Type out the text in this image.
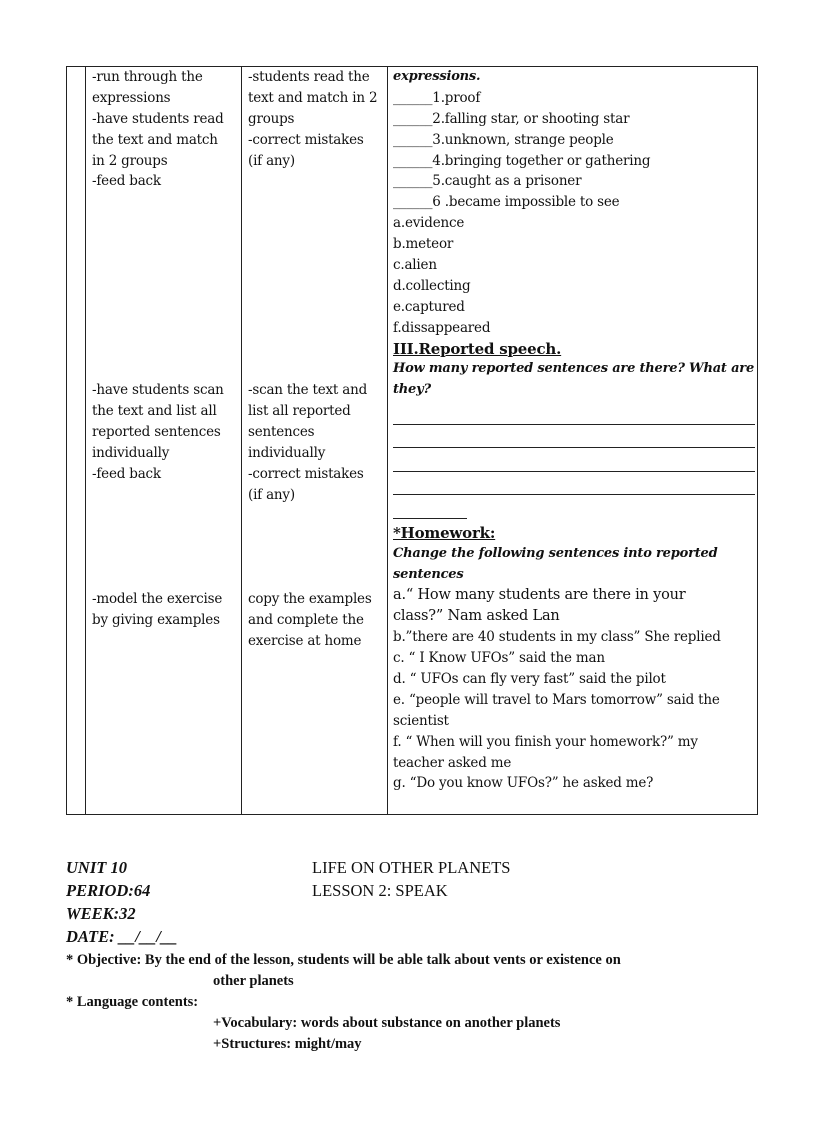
-run through the
expressions
-have students read
the text and match
in 2 groups
-feed back
-have students scan
the text and list all
reported sentences
individually
-feed back
-model the exercise
by giving examples
-students read the
text and match in 2
groups
-correct mistakes
(if any)
-scan the text and
list all reported
sentences
individually
-correct mistakes
(if any)
copy the examples
and complete the
exercise at home
expressions.
______1.proof
______2.falling star, or shooting star
______3.unknown, strange people
______4.bringing together or gathering
______5.caught as a prisoner
______6 .became impossible to see
a.evidence
b.meteor
c.alien
d.collecting
e.captured
f.dissappeared
III.Reported speech.
How many reported sentences are there? What are
they?
*Homework:
Change the following sentences into reported
sentences
a.“ How many students are there in your
class?” Nam asked Lan
b.”there are 40 students in my class” She replied
c. “ I Know UFOs” said the man
d. “ UFOs can fly very fast” said the pilot
e. “people will travel to Mars tomorrow” said the
scientist
f. “ When will you finish your homework?” my
teacher asked me
g. “Do you know UFOs?” he asked me?
UNIT 10	LIFE ON OTHER PLANETS
PERIOD:64	LESSON 2: SPEAK
WEEK:32
DATE: __/__/__
* Objective: By the end of the lesson, students will be able talk about vents or existence on
other planets
* Language contents:
+Vocabulary: words about substance on another planets
+Structures: might/may
